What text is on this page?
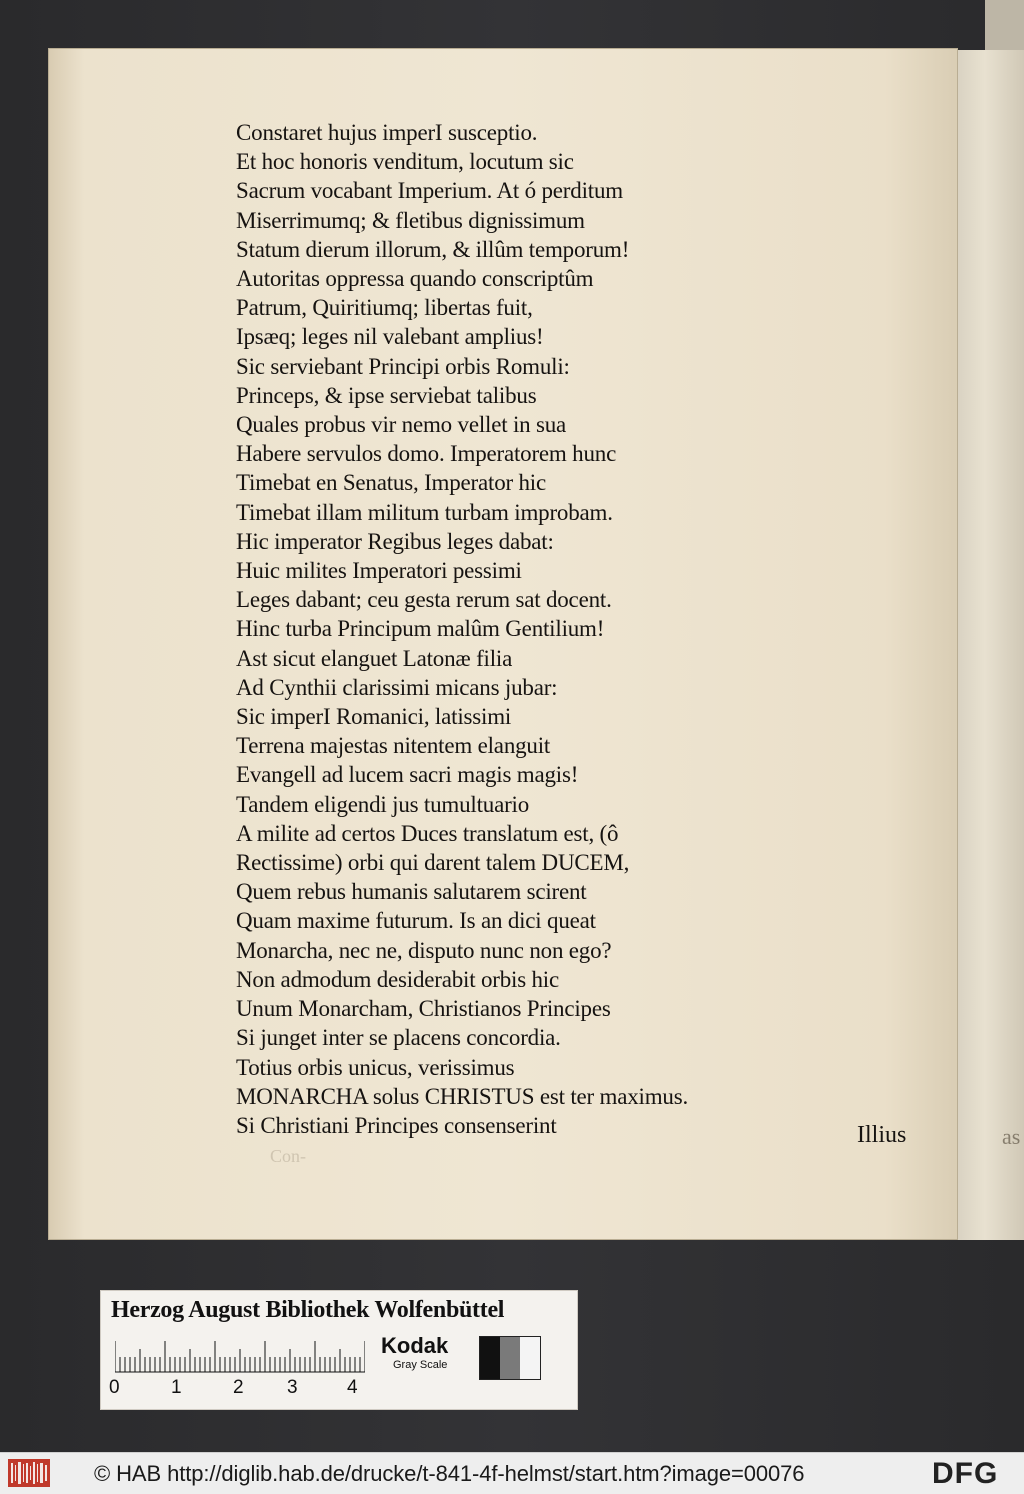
as
Constaret hujus imperI susceptio.
Et hoc honoris venditum, locutum sic
Sacrum vocabant Imperium. At ó perditum
Miserrimumq; & fletibus dignissimum
Statum dierum illorum, & illûm temporum!
Autoritas oppressa quando conscriptûm
Patrum, Quiritiumq; libertas fuit,
Ipsæq; leges nil valebant amplius!
Sic serviebant Principi orbis Romuli:
Princeps, & ipse serviebat talibus
Quales probus vir nemo vellet in sua
Habere servulos domo. Imperatorem hunc
Timebat en Senatus, Imperator hic
Timebat illam militum turbam improbam.
Hic imperator Regibus leges dabat:
Huic milites Imperatori pessimi
Leges dabant; ceu gesta rerum sat docent.
Hinc turba Principum malûm Gentilium!
Ast sicut elanguet Latonæ filia
Ad Cynthii clarissimi micans jubar:
Sic imperI Romanici, latissimi
Terrena majestas nitentem elanguit
Evangell ad lucem sacri magis magis!
Tandem eligendi jus tumultuario
A milite ad certos Duces translatum est, (ô
Rectissime) orbi qui darent talem DUCEM,
Quem rebus humanis salutarem scirent
Quam maxime futurum. Is an dici queat
Monarcha, nec ne, disputo nunc non ego?
Non admodum desiderabit orbis hic
Unum Monarcham, Christianos Principes
Si junget inter se placens concordia.
Totius orbis unicus, verissimus
MONARCHA solus CHRISTUS est ter maximus.
Si Christiani Principes consenserint	Illius
Con-
Herzog August Bibliothek Wolfenbüttel
0	1	2 3	4
Kodak
Gray Scale
© HAB http://diglib.hab.de/drucke/t-841-4f-helmst/start.htm?image=00076	DFG
